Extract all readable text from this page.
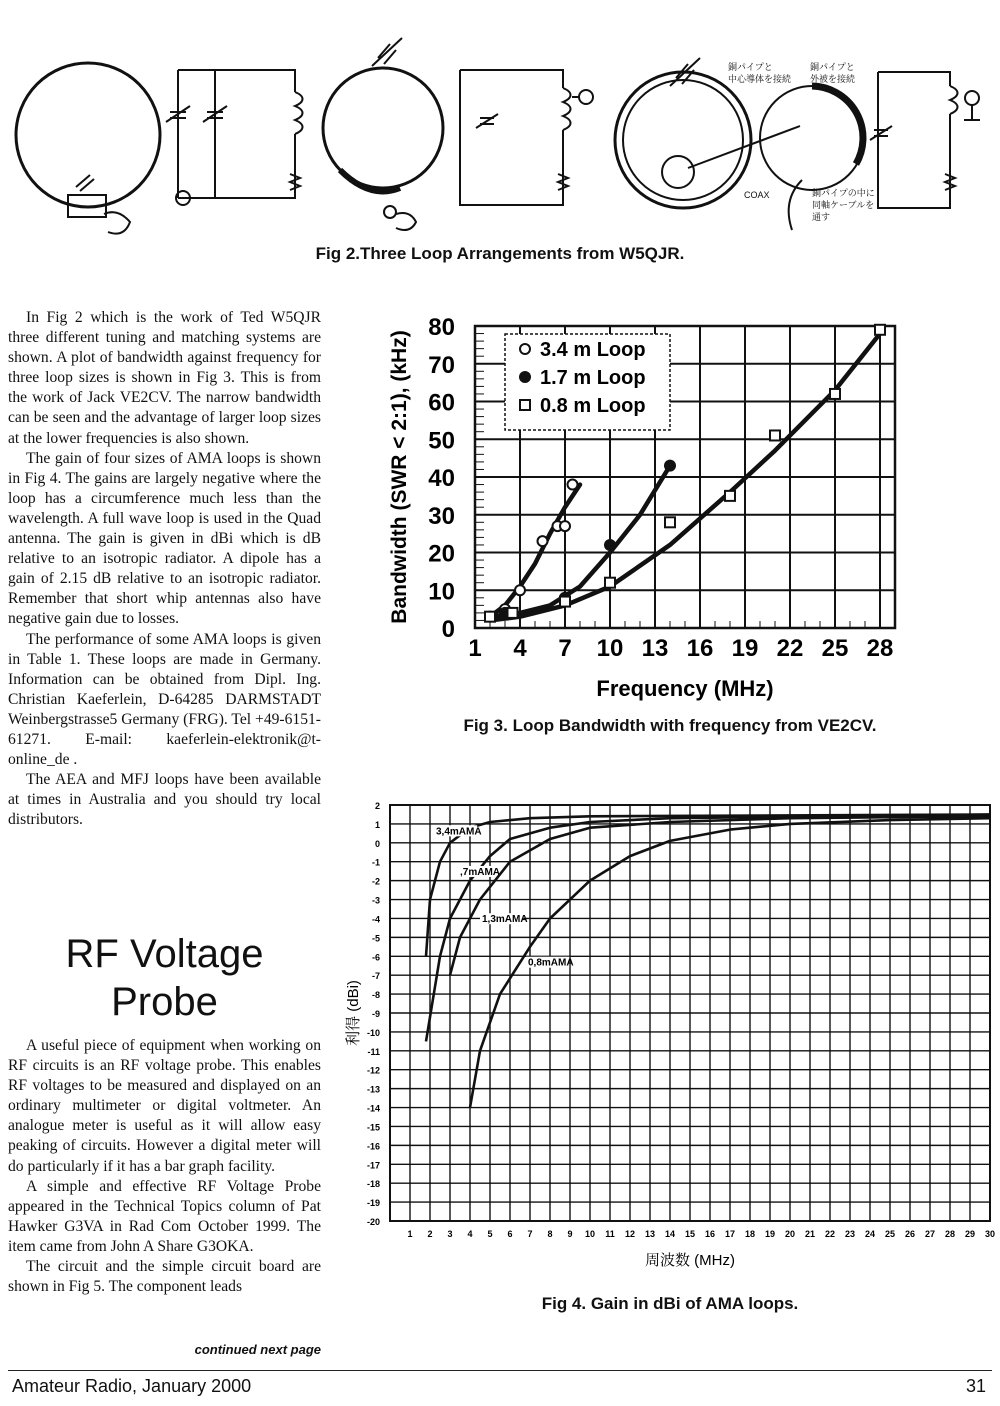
銅パイプと
中心導体を接続
銅パイプと
外被を接続
COAX	銅パイプの中に
同軸ケーブルを
通す
Fig 2.Three Loop Arrangements from W5QJR.

In Fig 2 which is the work of Ted W5QJR three different tuning and matching systems are shown. A plot of bandwidth against frequency for three loop sizes is shown in Fig 3. This is from the work of Jack VE2CV. The narrow bandwidth can be seen and the advantage of larger loop sizes at the lower frequencies is also shown.

The gain of four sizes of AMA loops is shown in Fig 4. The gains are largely negative where the loop has a circumference much less than the wavelength. A full wave loop is used in the Quad antenna. The gain is given in dBi which is dB relative to an isotropic radiator. A dipole has a gain of 2.15 dB relative to an isotropic radiator. Remember that short whip antennas also have negative gain due to losses.

The performance of some AMA loops is given in Table 1. These loops are made in Germany. Information can be obtained from Dipl. Ing. Christian Kaeferlein, D-64285 DARMSTADT Weinbergstrasse5 Germany (FRG). Tel +49-6151-61271. E-mail: kaeferlein-elektronik@t-online_de .

The AEA and MFJ loops have been available at times in Australia and you should try local distributors.

RF Voltage
Probe

A useful piece of equipment when working on RF circuits is an RF voltage probe. This enables RF voltages to be measured and displayed on an ordinary multimeter or digital voltmeter. An analogue meter is useful as it will allow easy peaking of circuits. However a digital meter will do particularly if it has a bar graph facility.

A simple and effective RF Voltage Probe appeared in the Technical Topics column of Pat Hawker G3VA in Rad Com October 1999. The item came from John A Share G3OKA.

The circuit and the simple circuit board are shown in Fig 5. The component leads

continued next page
0
10
20
30
40
50
60
70
80
1 4 7 10 13 16 19 22 25 28
Frequency (MHz)
Bandwidth (SWR < 2:1), (kHz)	3.4 m Loop
1.7 m Loop
0.8 m Loop
Fig 3. Loop Bandwidth with frequency from VE2CV.
2
1
0
-1
-2
-3
-4
-5
-6
-7
-8
-9
-10
-11
-12
-13
-14
-15
-16
-17
-18
-19
-20
1 2 3 4 5 6 7 8 9 10 11 12 13 14 15 16 17 18 19 20 21 22 23 24 25 26 27 28 29 30
周波数 (MHz)
利得 (dBi)
3,4mAMA
,7mAMA
1,3mAMA
0,8mAMA
Fig 4. Gain in dBi of AMA loops.
Amateur Radio, January 2000	31
